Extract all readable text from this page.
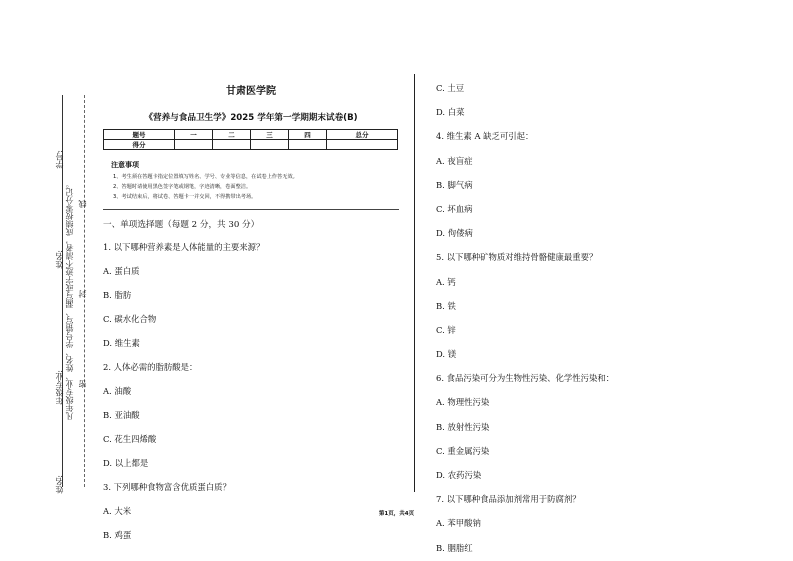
学号:
姓名:
年级专业:
姓名:
凡年级专业、姓名、学号错写、漏写或字迹不清者，成绩按零分记。 密
封
线
甘肃医学院
《营养与食品卫生学》2025 学年第一学期期末试卷(B)
题号	一	二	三	四	总分
得分					
注意事项
1、考生须在答题卡指定位置填写姓名、学号、专业等信息，在试卷上作答无效。
2、答题时请使用黑色签字笔或钢笔，字迹清晰，卷面整洁。
3、考试结束后，将试卷、答题卡一并交回，不得携带出考场。
一、单项选择题（每题 2 分，共 30 分）
1. 以下哪种营养素是人体能量的主要来源？
A. 蛋白质
B. 脂肪
C. 碳水化合物
D. 维生素
2. 人体必需的脂肪酸是：
A. 油酸
B. 亚油酸
C. 花生四烯酸
D. 以上都是
3. 下列哪种食物富含优质蛋白质？
A. 大米
B. 鸡蛋
C. 土豆
D. 白菜
4. 维生素 A 缺乏可引起：
A. 夜盲症
B. 脚气病
C. 坏血病
D. 佝偻病
5. 以下哪种矿物质对维持骨骼健康最重要？
A. 钙
B. 铁
C. 锌
D. 镁
6. 食品污染可分为生物性污染、化学性污染和：
A. 物理性污染
B. 放射性污染
C. 重金属污染
D. 农药污染
7. 以下哪种食品添加剂常用于防腐剂？
A. 苯甲酸钠
B. 胭脂红
第1页，共4页
